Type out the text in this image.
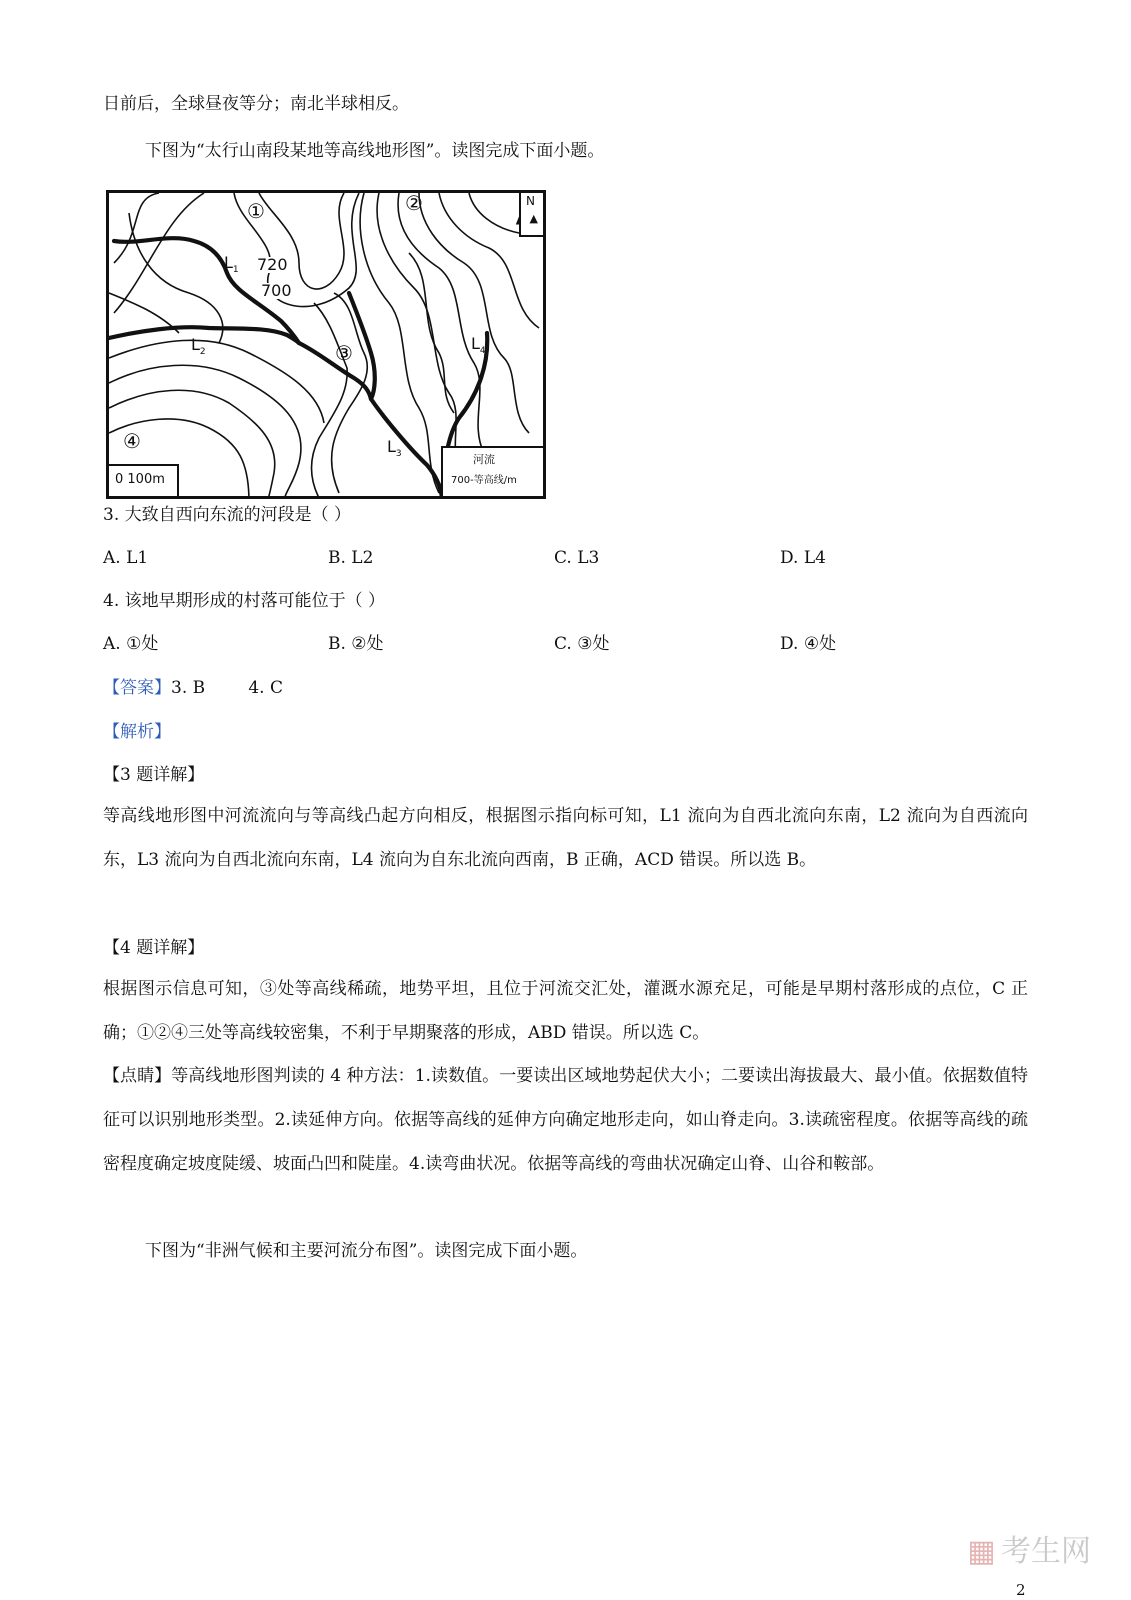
日前后，全球昼夜等分；南北半球相反。
下图为“太行山南段某地等高线地形图”。读图完成下面小题。
N
▲
①	②
③
④
720
700
$L_1$
$L_2$
$L_3$
$L_4$
0 100m
河流
700-等高线/m
3. 大致自西向东流的河段是（ ）
A. L1	B. L2	C. L3	D. L4
4. 该地早期形成的村落可能位于（ ）
A. ①处	B. ②处	C. ③处	D. ④处
【答案】3. B        4. C
【解析】
【3 题详解】
等高线地形图中河流流向与等高线凸起方向相反，根据图示指向标可知，L1 流向为自西北流向东南，L2 流向为自西流向东，L3 流向为自西北流向东南，L4 流向为自东北流向西南，B 正确，ACD 错误。所以选 B。
【4 题详解】
根据图示信息可知，③处等高线稀疏，地势平坦，且位于河流交汇处，灌溉水源充足，可能是早期村落形成的点位，C 正确；①②④三处等高线较密集，不利于早期聚落的形成，ABD 错误。所以选 C。
【点睛】等高线地形图判读的 4 种方法：1.读数值。一要读出区域地势起伏大小；二要读出海拔最大、最小值。依据数值特征可以识别地形类型。2.读延伸方向。依据等高线的延伸方向确定地形走向，如山脊走向。3.读疏密程度。依据等高线的疏密程度确定坡度陡缓、坡面凸凹和陡崖。4.读弯曲状况。依据等高线的弯曲状况确定山脊、山谷和鞍部。
下图为“非洲气候和主要河流分布图”。读图完成下面小题。
▦ 考生网
2
